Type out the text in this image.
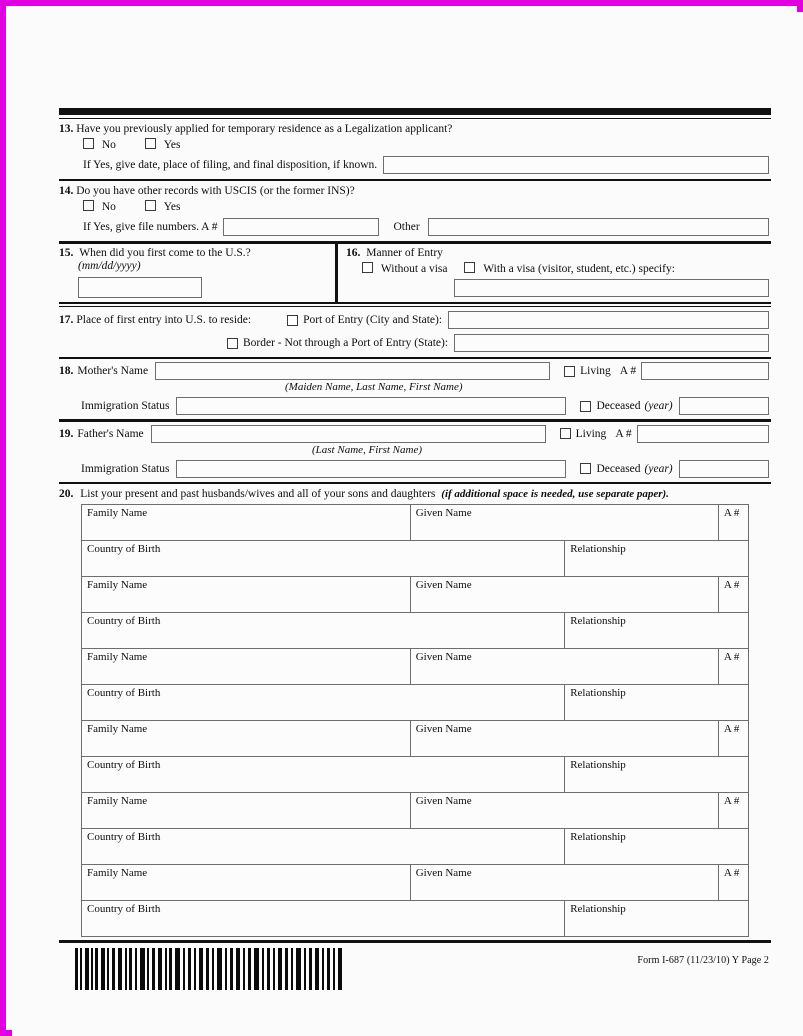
13. Have you previously applied for temporary residence as a Legalization applicant?
No	Yes
If Yes, give date, place of filing, and final disposition, if known.
14. Do you have other records with USCIS (or the former INS)?
No	Yes
If Yes, give file numbers. A #	Other
15. When did you first come to the U.S.?
(mm/dd/yyyy)
16. Manner of Entry
Without a visa	With a visa (visitor, student, etc.) specify:
17. Place of first entry into U.S. to reside:	Port of Entry (City and State):
Border - Not through a Port of Entry (State):
18. Mother's Name	Living A #
(Maiden Name, Last Name, First Name)
Immigration Status	Deceased (year)
19. Father's Name	Living A #
(Last Name, First Name)
Immigration Status	Deceased (year)
20. List your present and past husbands/wives and all of your sons and daughters (if additional space is needed, use separate paper).
Family Name	Given Name		A #
Country of Birth		Relationship	
Family Name	Given Name		A #
Country of Birth		Relationship	
Family Name	Given Name		A #
Country of Birth		Relationship	
Family Name	Given Name		A #
Country of Birth		Relationship	
Family Name	Given Name		A #
Country of Birth		Relationship	
Family Name	Given Name		A #
Country of Birth		Relationship	
Form I-687 (11/23/10) Y Page 2
